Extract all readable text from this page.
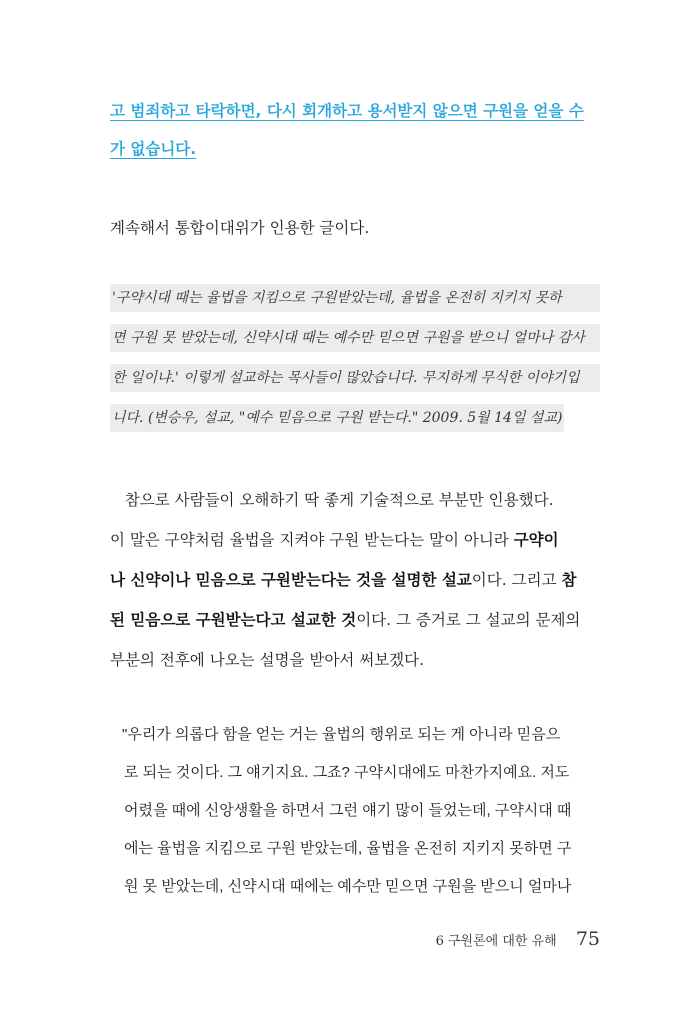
고 범죄하고 타락하면, 다시 회개하고 용서받지 않으면 구원을 얻을 수
가 없습니다.
계속해서 통합이대위가 인용한 글이다.
'구약시대 때는 율법을 지킴으로 구원받았는데, 율법을 온전히 지키지 못하
면 구원 못 받았는데, 신약시대 때는 예수만 믿으면 구원을 받으니 얼마나 감사
한 일이냐.' 이렇게 설교하는 목사들이 많았습니다. 무지하게 무식한 이야기입
니다. (변승우, 설교, "예수 믿음으로 구원 받는다." 2009. 5월 14일 설교)
참으로 사람들이 오해하기 딱 좋게 기술적으로 부분만 인용했다.
이 말은 구약처럼 율법을 지켜야 구원 받는다는 말이 아니라 구약이
나 신약이나 믿음으로 구원받는다는 것을 설명한 설교이다. 그리고 참
된 믿음으로 구원받는다고 설교한 것이다. 그 증거로 그 설교의 문제의
부분의 전후에 나오는 설명을 받아서 써보겠다.
"우리가 의롭다 함을 얻는 거는 율법의 행위로 되는 게 아니라 믿음으
로 되는 것이다. 그 얘기지요. 그죠? 구약시대에도 마찬가지예요. 저도
어렸을 때에 신앙생활을 하면서 그런 얘기 많이 들었는데, 구약시대 때
에는 율법을 지킴으로 구원 받았는데, 율법을 온전히 지키지 못하면 구
원 못 받았는데, 신약시대 때에는 예수만 믿으면 구원을 받으니 얼마나
6 구원론에 대한 유해 75
